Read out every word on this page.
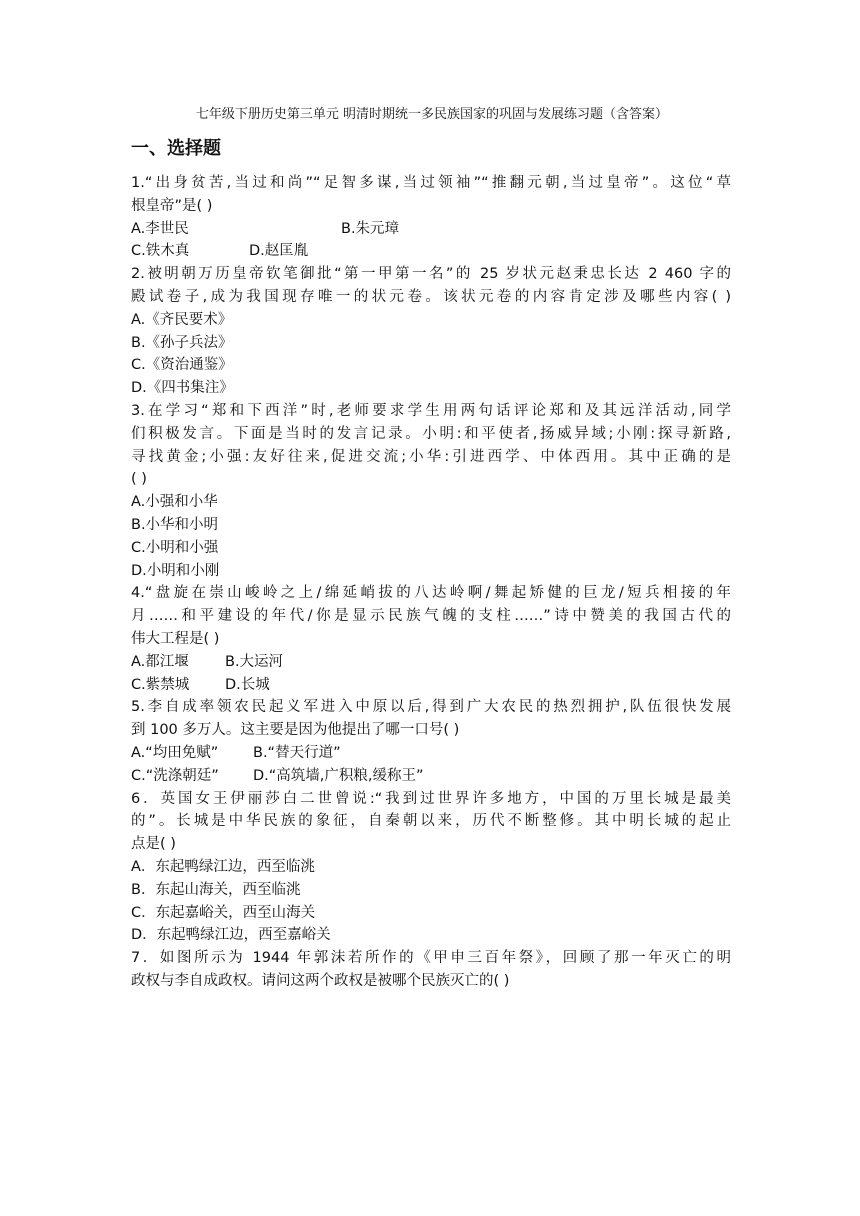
七年级下册历史第三单元 明清时期统一多民族国家的巩固与发展练习题（含答案）
一、选择题
1.“出身贫苦,当过和尚”“足智多谋,当过领袖”“推翻元朝,当过皇帝”。这位“草
根皇帝”是( )
A.李世民	B.朱元璋
C.铁木真	D.赵匡胤
2.被明朝万历皇帝钦笔御批“第一甲第一名”的 25 岁状元赵秉忠长达 2 460 字的
殿试卷子,成为我国现存唯一的状元卷。该状元卷的内容肯定涉及哪些内容( )
A.《齐民要术》
B.《孙子兵法》
C.《资治通鉴》
D.《四书集注》
3.在学习“郑和下西洋”时,老师要求学生用两句话评论郑和及其远洋活动,同学
们积极发言。下面是当时的发言记录。小明:和平使者,扬威异域;小刚:探寻新路,
寻找黄金;小强:友好往来,促进交流;小华:引进西学、中体西用。其中正确的是
( )
A.小强和小华
B.小华和小明
C.小明和小强
D.小明和小刚
4.“盘旋在崇山峻岭之上/绵延峭拔的八达岭啊/舞起矫健的巨龙/短兵相接的年
月……和平建设的年代/你是显示民族气魄的支柱……”诗中赞美的我国古代的
伟大工程是( )
A.都江堰 B.大运河
C.紫禁城 D.长城
5.李自成率领农民起义军进入中原以后,得到广大农民的热烈拥护,队伍很快发展
到 100 多万人。这主要是因为他提出了哪一口号( )
A.“均田免赋” B.“替天行道”
C.“洗涤朝廷” D.“高筑墙,广积粮,缓称王”
6．英国女王伊丽莎白二世曾说:“我到过世界许多地方，中国的万里长城是最美
的”。长城是中华民族的象征，自秦朝以来，历代不断整修。其中明长城的起止
点是( )
A．东起鸭绿江边，西至临洮
B．东起山海关，西至临洮
C．东起嘉峪关，西至山海关
D．东起鸭绿江边，西至嘉峪关
7．如图所示为 1944 年郭沫若所作的《甲申三百年祭》，回顾了那一年灭亡的明
政权与李自成政权。请问这两个政权是被哪个民族灭亡的( )
